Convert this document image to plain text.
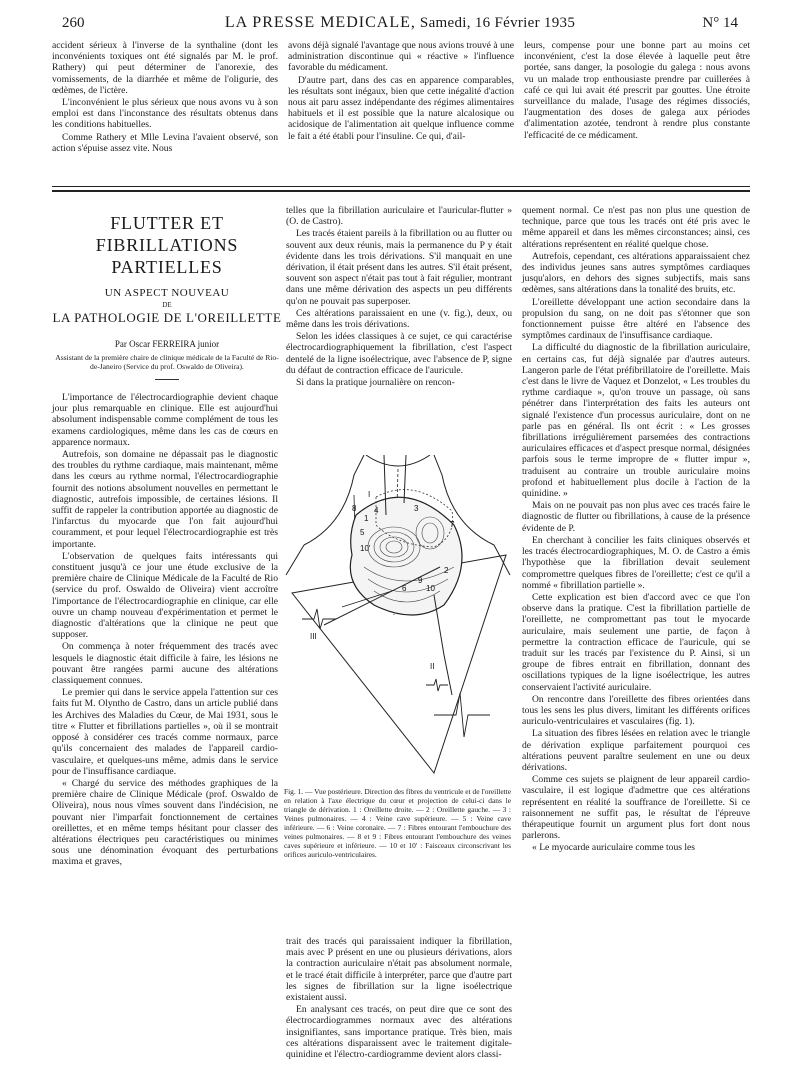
260	LA PRESSE MEDICALE, Samedi, 16 Février 1935	N° 14

accident sérieux à l'inverse de la synthaline (dont les inconvénients toxiques ont été signalés par M. le prof. Rathery) qui peut déterminer de l'anorexie, des vomissements, de la diarrhée et même de l'oligurie, des œdèmes, de l'ictère.

L'inconvénient le plus sérieux que nous avons vu à son emploi est dans l'inconstance des résultats obtenus dans les conditions habituelles.

Comme Rathery et Mlle Levina l'avaient observé, son action s'épuise assez vite. Nous

avons déjà signalé l'avantage que nous avions trouvé à une administration discontinue qui « réactive » l'influence favorable du médicament.

D'autre part, dans des cas en apparence comparables, les résultats sont inégaux, bien que cette inégalité d'action nous ait paru assez indépendante des régimes alimentaires habituels et il est possible que la nature alcalosique ou acidosique de l'alimentation ait quelque influence comme le fait a été établi pour l'insuline. Ce qui, d'ail-

leurs, compense pour une bonne part au moins cet inconvénient, c'est la dose élevée à laquelle peut être portée, sans danger, la posologie du galega : nous avons vu un malade trop enthousiaste prendre par cuillerées à café ce qui lui avait été prescrit par gouttes. Une étroite surveillance du malade, l'usage des régimes dissociés, l'augmentation des doses de galega aux périodes d'alimentation azotée, tendront à rendre plus constante l'efficacité de ce médicament.

FLUTTER ET FIBRILLATIONS PARTIELLES
UN ASPECT NOUVEAU
DE
LA PATHOLOGIE DE L'OREILLETTE
Par Oscar FERREIRA junior
Assistant de la première chaire de clinique médicale de la Faculté de Rio-de-Janeiro (Service du prof. Oswaldo de Oliveira).

L'importance de l'électrocardiographie devient chaque jour plus remarquable en clinique. Elle est aujourd'hui absolument indispensable comme complément de tous les examens cardiologiques, même dans les cas de cœurs en apparence normaux.

Autrefois, son domaine ne dépassait pas le diagnostic des troubles du rythme cardiaque, mais maintenant, même dans les cœurs au rythme normal, l'électrocardiographie fournit des notions absolument nouvelles en permettant le diagnostic, autrefois impossible, de certaines lésions. Il suffit de rappeler la contribution apportée au diagnostic de l'infarctus du myocarde que l'on fait aujourd'hui couramment, et pour lequel l'électrocardiographie est très importante.

L'observation de quelques faits intéressants qui constituent jusqu'à ce jour une étude exclusive de la première chaire de Clinique Médicale de la Faculté de Rio (service du prof. Oswaldo de Oliveira) vient accroître l'importance de l'électrocardiographie en clinique, car elle ouvre un champ nouveau d'expérimentation et permet le diagnostic d'altérations que la clinique ne peut que supposer.

On commença à noter fréquemment des tracés avec lesquels le diagnostic était difficile à faire, les lésions ne pouvant être rangées parmi aucune des altérations classiquement connues.

Le premier qui dans le service appela l'attention sur ces faits fut M. Olyntho de Castro, dans un article publié dans les Archives des Maladies du Cœur, de Mai 1931, sous le titre « Flutter et fibrillations partielles », où il se montrait opposé à considérer ces tracés comme normaux, parce qu'ils concernaient des malades de l'appareil cardio-vasculaire, et quelques-uns même, admis dans le service pour de l'insuffisance cardiaque.

« Chargé du service des méthodes graphiques de la première chaire de Clinique Médicale (prof. Oswaldo de Oliveira), nous nous vîmes souvent dans l'indécision, ne pouvant nier l'imparfait fonctionnement de certaines oreillettes, et en même temps hésitant pour classer des altérations électriques peu caractéristiques ou minimes sous une dénomination évoquant des perturbations maxima et graves,

telles que la fibrillation auriculaire et l'auricular-flutter » (O. de Castro).

Les tracés étaient pareils à la fibrillation ou au flutter ou souvent aux deux réunis, mais la permanence du P y était évidente dans les trois dérivations. S'il manquait en une dérivation, il était présent dans les autres. S'il était présent, souvent son aspect n'était pas tout à fait régulier, montrant dans une même dérivation des aspects un peu différents qu'on ne pouvait pas superposer.

Ces altérations paraissaient en une (v. fig.), deux, ou même dans les trois dérivations.

Selon les idées classiques à ce sujet, ce qui caractérise électrocardiographiquement la fibrillation, c'est l'aspect dentelé de la ligne isoélectrique, avec l'absence de P, signe du défaut de contraction efficace de l'auricule.

Si dans la pratique journalière on rencon-

I
II
III
1
2
3
4
5
6
7
8
9
10
10'
Fig. 1. — Vue postérieure. Direction des fibres du ventricule et de l'oreillette en relation à l'axe électrique du cœur et projection de celui-ci dans le triangle de dérivation. 1 : Oreillette droite. — 2 : Oreillette gauche. — 3 : Veines pulmonaires. — 4 : Veine cave supérieure. — 5 : Veine cave inférieure. — 6 : Veine coronaire. — 7 : Fibres entourant l'embouchure des veines pulmonaires. — 8 et 9 : Fibres entourant l'embouchure des veines caves supérieure et inférieure. — 10 et 10' : Faisceaux circonscrivant les orifices auriculo-ventriculaires.

trait des tracés qui paraissaient indiquer la fibrillation, mais avec P présent en une ou plusieurs dérivations, alors la contraction auriculaire n'était pas absolument normale, et le tracé était difficile à interpréter, parce que d'autre part les signes de fibrillation sur la ligne isoélectrique existaient aussi.

En analysant ces tracés, on peut dire que ce sont des électrocardiogrammes normaux avec des altérations insignifiantes, sans importance pratique. Très bien, mais ces altérations disparaissent avec le traitement digitale-quinidine et l'électro-cardiogramme devient alors classi-

quement normal. Ce n'est pas non plus une question de technique, parce que tous les tracés ont été pris avec le même appareil et dans les mêmes circonstances; ainsi, ces altérations représentent en réalité quelque chose.

Autrefois, cependant, ces altérations apparaissaient chez des individus jeunes sans autres symptômes cardiaques jusqu'alors, en dehors des signes subjectifs, mais sans œdèmes, sans altérations dans la tonalité des bruits, etc.

L'oreillette développant une action secondaire dans la propulsion du sang, on ne doit pas s'étonner que son fonctionnement puisse être altéré en l'absence des symptômes cardinaux de l'insuffisance cardiaque.

La difficulté du diagnostic de la fibrillation auriculaire, en certains cas, fut déjà signalée par d'autres auteurs. Langeron parle de l'état préfibrillatoire de l'oreillette. Mais c'est dans le livre de Vaquez et Donzelot, « Les troubles du rythme cardiaque », qu'on trouve un passage, où sans pénétrer dans l'interprétation des faits les auteurs ont signalé l'existence d'un processus auriculaire, dont on ne parle pas en général. Ils ont écrit : « Les grosses fibrillations irrégulièrement parsemées des contractions auriculaires efficaces et d'aspect presque normal, désignées parfois sous le terme impropre de « flutter impur », traduisent au contraire un trouble auriculaire moins profond et habituellement plus docile à l'action de la quinidine. »

Mais on ne pouvait pas non plus avec ces tracés faire le diagnostic de flutter ou fibrillations, à cause de la présence évidente de P.

En cherchant à concilier les faits cliniques observés et les tracés électrocardiographiques, M. O. de Castro a émis l'hypothèse que la fibrillation devait seulement compromettre quelques fibres de l'oreillette; c'est ce qu'il a nommé « fibrillation partielle ».

Cette explication est bien d'accord avec ce que l'on observe dans la pratique. C'est la fibrillation partielle de l'oreillette, ne compromettant pas tout le myocarde auriculaire, mais seulement une partie, de façon à permettre la contraction efficace de l'auricule, qui se traduit sur les tracés par l'existence du P. Ainsi, si un groupe de fibres entrait en fibrillation, donnant des oscillations typiques de la ligne isoélectrique, les autres conservaient l'activité auriculaire.

On rencontre dans l'oreillette des fibres orientées dans tous les sens les plus divers, limitant les différents orifices auriculo-ventriculaires et vasculaires (fig. 1).

La situation des fibres lésées en relation avec le triangle de dérivation explique parfaitement pourquoi ces altérations peuvent paraître seulement en une ou deux dérivations.

Comme ces sujets se plaignent de leur appareil cardio-vasculaire, il est logique d'admettre que ces altérations représentent en réalité la souffrance de l'oreillette. Si ce raisonnement ne suffit pas, le résultat de l'épreuve thérapeutique fournit un argument plus fort dont nous parlerons.

« Le myocarde auriculaire comme tous les
